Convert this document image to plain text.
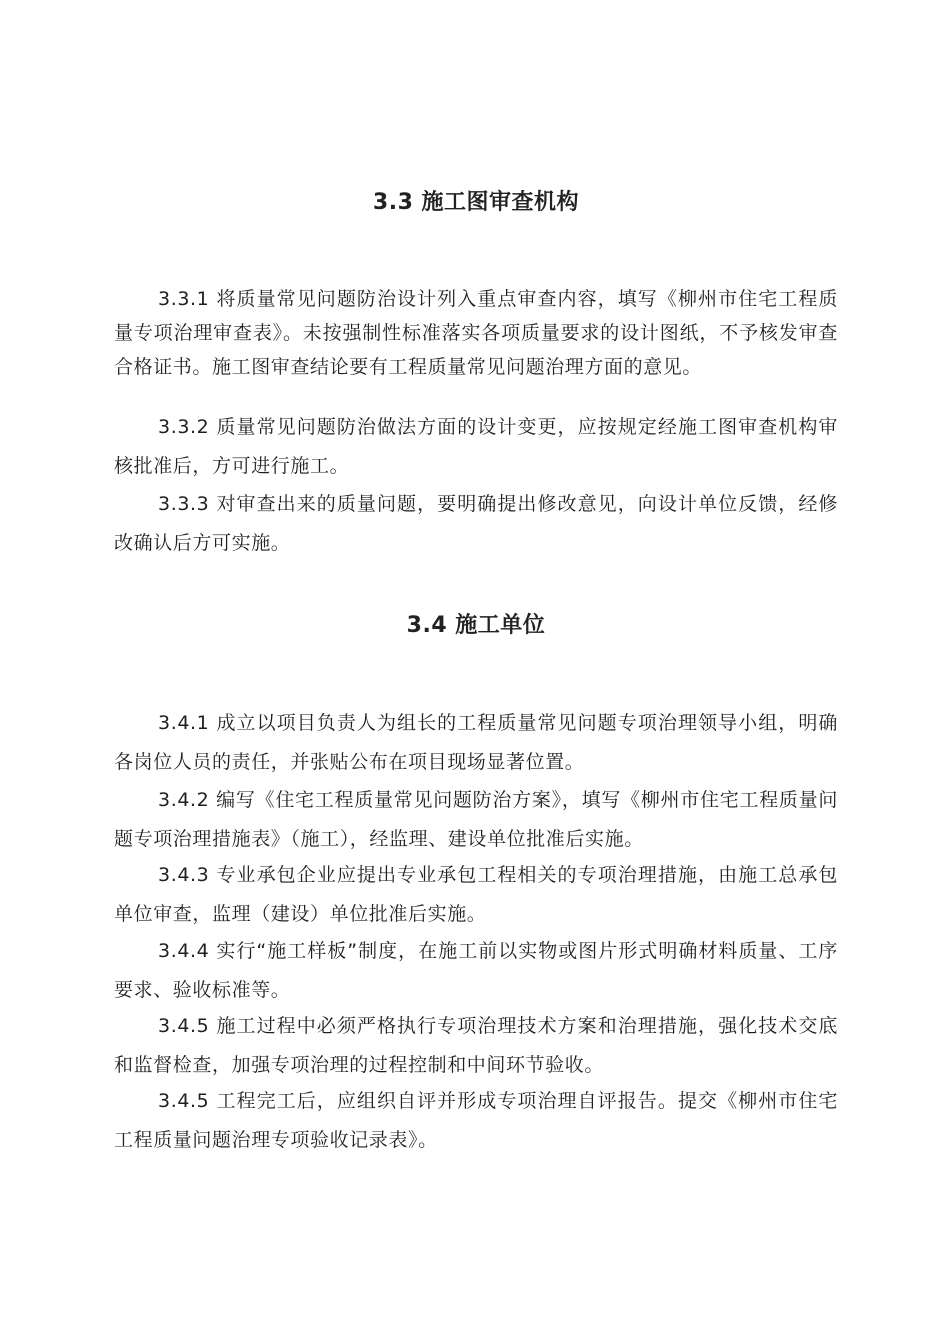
3.3 施工图审查机构

3.3.1 将质量常见问题防治设计列入重点审查内容，填写《柳州市住宅工程质量专项治理审查表》。未按强制性标准落实各项质量要求的设计图纸，不予核发审查合格证书。施工图审查结论要有工程质量常见问题治理方面的意见。

3.3.2 质量常见问题防治做法方面的设计变更，应按规定经施工图审查机构审核批准后，方可进行施工。

3.3.3 对审查出来的质量问题，要明确提出修改意见，向设计单位反馈，经修改确认后方可实施。

3.4 施工单位

3.4.1 成立以项目负责人为组长的工程质量常见问题专项治理领导小组，明确各岗位人员的责任，并张贴公布在项目现场显著位置。

3.4.2 编写《住宅工程质量常见问题防治方案》，填写《柳州市住宅工程质量问题专项治理措施表》（施工），经监理、建设单位批准后实施。

3.4.3 专业承包企业应提出专业承包工程相关的专项治理措施，由施工总承包单位审查，监理（建设）单位批准后实施。

3.4.4 实行“施工样板”制度，在施工前以实物或图片形式明确材料质量、工序要求、验收标准等。

3.4.5 施工过程中必须严格执行专项治理技术方案和治理措施，强化技术交底和监督检查，加强专项治理的过程控制和中间环节验收。

3.4.5 工程完工后，应组织自评并形成专项治理自评报告。提交《柳州市住宅工程质量问题治理专项验收记录表》。
